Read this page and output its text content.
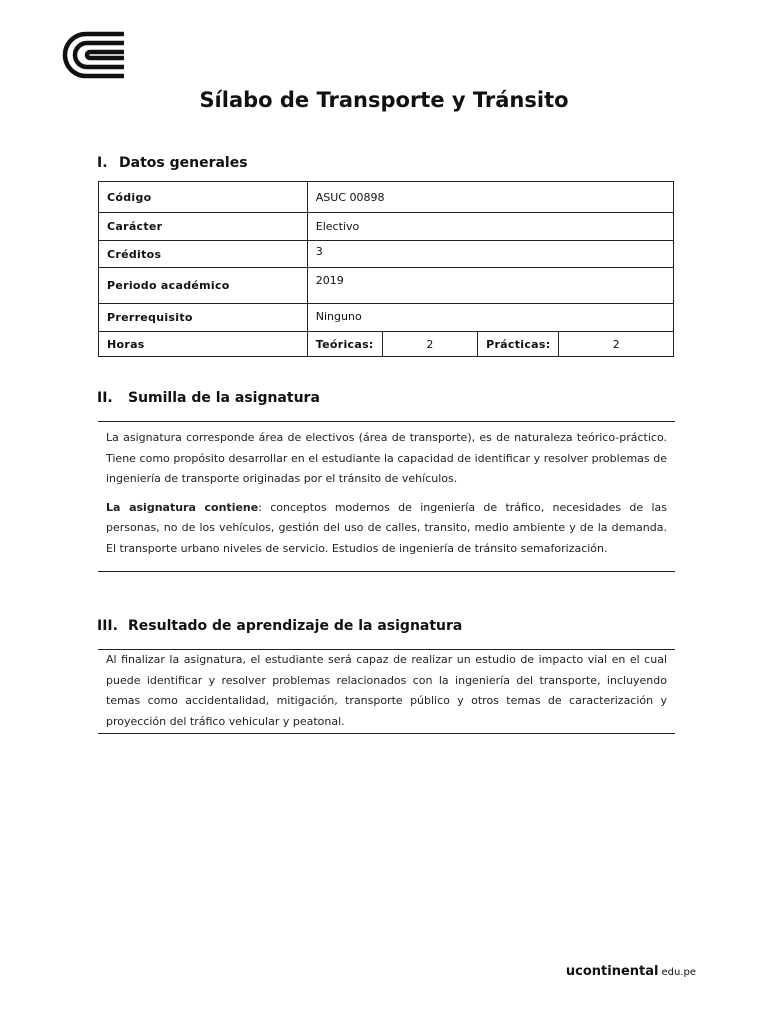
Sílabo de Transporte y Tránsito
I. Datos generales
Código	ASUC 00898			
Carácter	Electivo			
Créditos	3			
Periodo académico	2019			
Prerrequisito	Ninguno			
Horas	Teóricas:	2	Prácticas:	2
II. Sumilla de la asignatura

La asignatura corresponde área de electivos (área de transporte), es de naturaleza teórico-práctico. Tiene como propósito desarrollar en el estudiante la capacidad de identificar y resolver problemas de ingeniería de transporte originadas por el tránsito de vehículos.

La asignatura contiene: conceptos modernos de ingeniería de tráfico, necesidades de las personas, no de los vehículos, gestión del uso de calles, transito, medio ambiente y de la demanda. El transporte urbano niveles de servicio. Estudios de ingeniería de tránsito semaforización.

III. Resultado de aprendizaje de la asignatura

Al finalizar la asignatura, el estudiante será capaz de realizar un estudio de impacto vial en el cual puede identificar y resolver problemas relacionados con la ingeniería del transporte, incluyendo temas como accidentalidad, mitigación, transporte público y otros temas de caracterización y proyección del tráfico vehicular y peatonal.

ucontinental edu.pe
